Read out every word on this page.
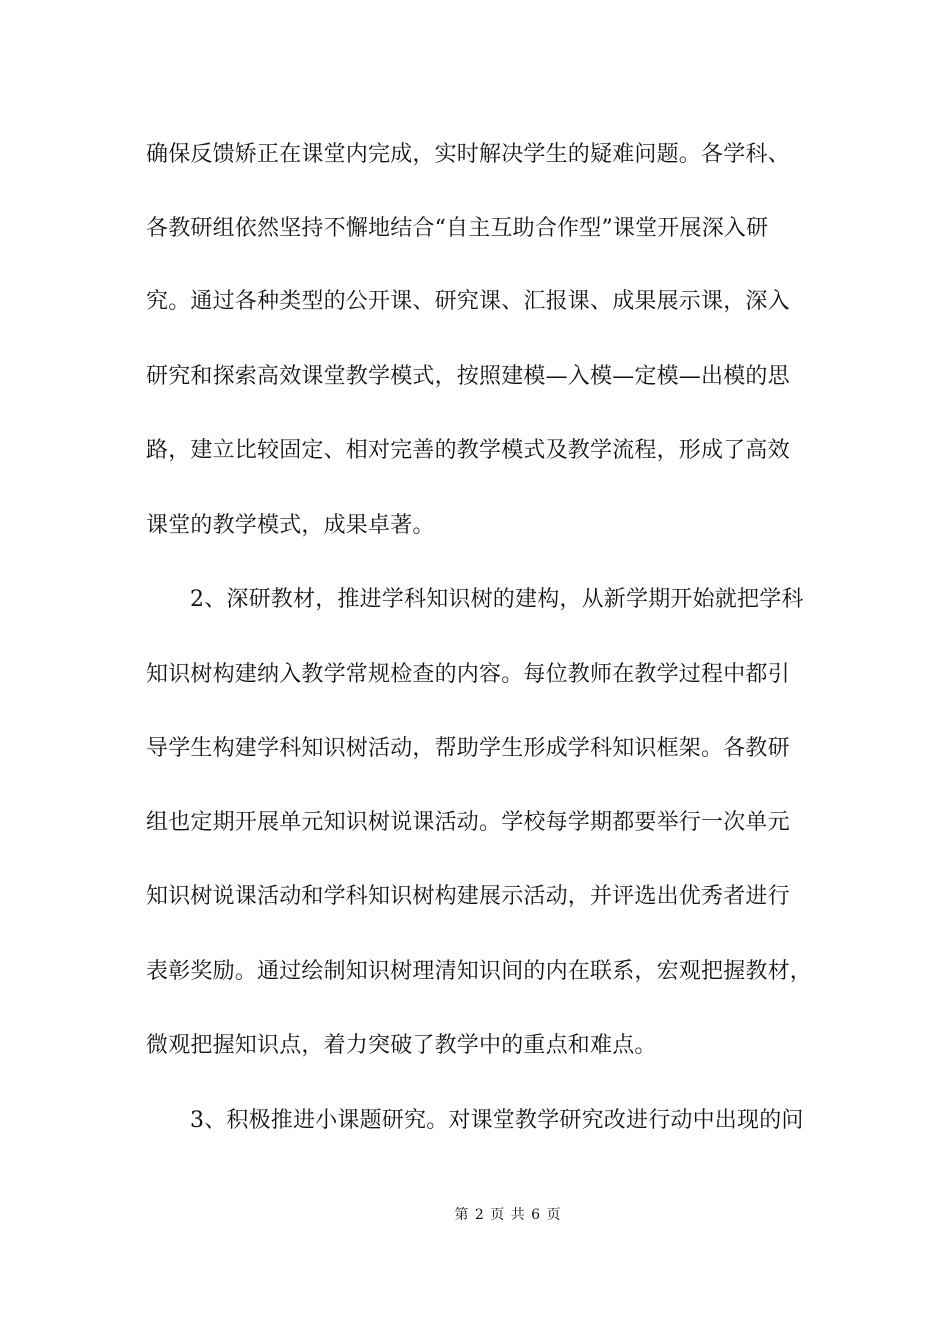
确保反馈矫正在课堂内完成，实时解决学生的疑难问题。各学科、
各教研组依然坚持不懈地结合“自主互助合作型”课堂开展深入研
究。通过各种类型的公开课、研究课、汇报课、成果展示课，深入
研究和探索高效课堂教学模式，按照建模—入模—定模—出模的思
路，建立比较固定、相对完善的教学模式及教学流程，形成了高效
课堂的教学模式，成果卓著。
2、深研教材，推进学科知识树的建构，从新学期开始就把学科
知识树构建纳入教学常规检查的内容。每位教师在教学过程中都引
导学生构建学科知识树活动，帮助学生形成学科知识框架。各教研
组也定期开展单元知识树说课活动。学校每学期都要举行一次单元
知识树说课活动和学科知识树构建展示活动，并评选出优秀者进行
表彰奖励。通过绘制知识树理清知识间的内在联系，宏观把握教材，
微观把握知识点，着力突破了教学中的重点和难点。
3、积极推进小课题研究。对课堂教学研究改进行动中出现的问
第 2 页 共 6 页
